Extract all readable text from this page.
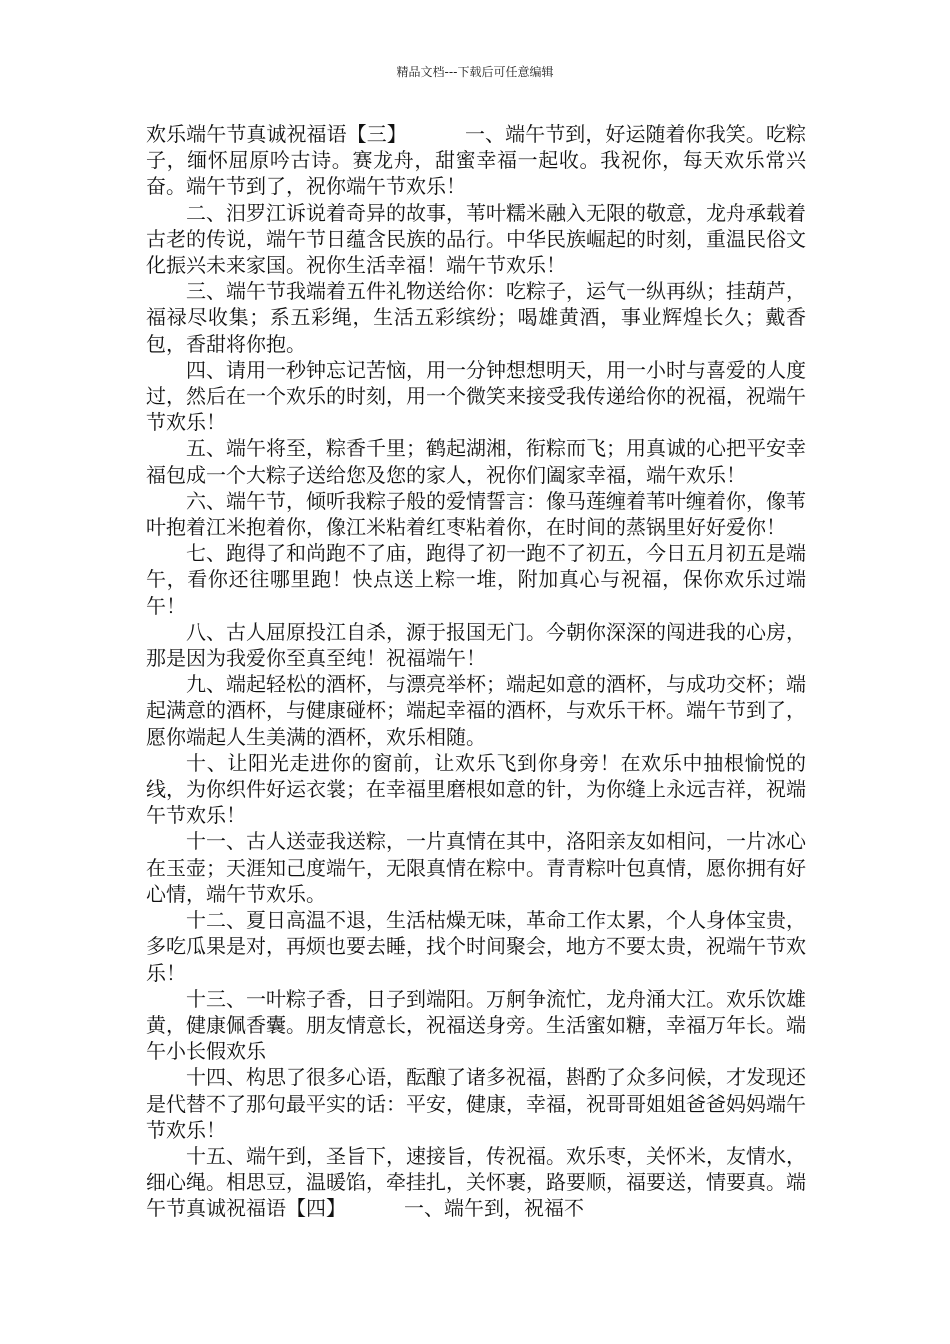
精品文档---下载后可任意编辑

欢乐端午节真诚祝福语【三】	一、端午节到，好运随着你我笑。吃粽子，缅怀屈原吟古诗。赛龙舟，甜蜜幸福一起收。我祝你，每天欢乐常兴奋。端午节到了，祝你端午节欢乐！

二、汨罗江诉说着奇异的故事，苇叶糯米融入无限的敬意，龙舟承载着古老的传说，端午节日蕴含民族的品行。中华民族崛起的时刻，重温民俗文化振兴未来家国。祝你生活幸福！端午节欢乐！

三、端午节我端着五件礼物送给你：吃粽子，运气一纵再纵；挂葫芦，福禄尽收集；系五彩绳，生活五彩缤纷；喝雄黄酒，事业辉煌长久；戴香包，香甜将你抱。

四、请用一秒钟忘记苦恼，用一分钟想想明天，用一小时与喜爱的人度过，然后在一个欢乐的时刻，用一个微笑来接受我传递给你的祝福，祝端午节欢乐！

五、端午将至，粽香千里；鹤起湖湘，衔粽而飞；用真诚的心把平安幸福包成一个大粽子送给您及您的家人，祝你们阖家幸福，端午欢乐！

六、端午节，倾听我粽子般的爱情誓言：像马莲缠着苇叶缠着你，像苇叶抱着江米抱着你，像江米粘着红枣粘着你，在时间的蒸锅里好好爱你！

七、跑得了和尚跑不了庙，跑得了初一跑不了初五，今日五月初五是端午，看你还往哪里跑！快点送上粽一堆，附加真心与祝福，保你欢乐过端午！

八、古人屈原投江自杀，源于报国无门。今朝你深深的闯进我的心房，那是因为我爱你至真至纯！祝福端午！

九、端起轻松的酒杯，与漂亮举杯；端起如意的酒杯，与成功交杯；端起满意的酒杯，与健康碰杯；端起幸福的酒杯，与欢乐干杯。端午节到了，愿你端起人生美满的酒杯，欢乐相随。

十、让阳光走进你的窗前，让欢乐飞到你身旁！在欢乐中抽根愉悦的线，为你织件好运衣裳；在幸福里磨根如意的针，为你缝上永远吉祥，祝端午节欢乐！

十一、古人送壶我送粽，一片真情在其中，洛阳亲友如相问，一片冰心在玉壶；天涯知己度端午，无限真情在粽中。青青粽叶包真情，愿你拥有好心情，端午节欢乐。

十二、夏日高温不退，生活枯燥无味，革命工作太累，个人身体宝贵，多吃瓜果是对，再烦也要去睡，找个时间聚会，地方不要太贵，祝端午节欢乐！

十三、一叶粽子香，日子到端阳。万舸争流忙，龙舟涌大江。欢乐饮雄黄，健康佩香囊。朋友情意长，祝福送身旁。生活蜜如糖，幸福万年长。端午小长假欢乐

十四、构思了很多心语，酝酿了诸多祝福，斟酌了众多问候，才发现还是代替不了那句最平实的话：平安，健康，幸福，祝哥哥姐姐爸爸妈妈端午节欢乐！

十五、端午到，圣旨下，速接旨，传祝福。欢乐枣，关怀米，友情水，细心绳。相思豆，温暖馅，牵挂扎，关怀裹，路要顺，福要送，情要真。端午节真诚祝福语【四】	一、端午到，祝福不
